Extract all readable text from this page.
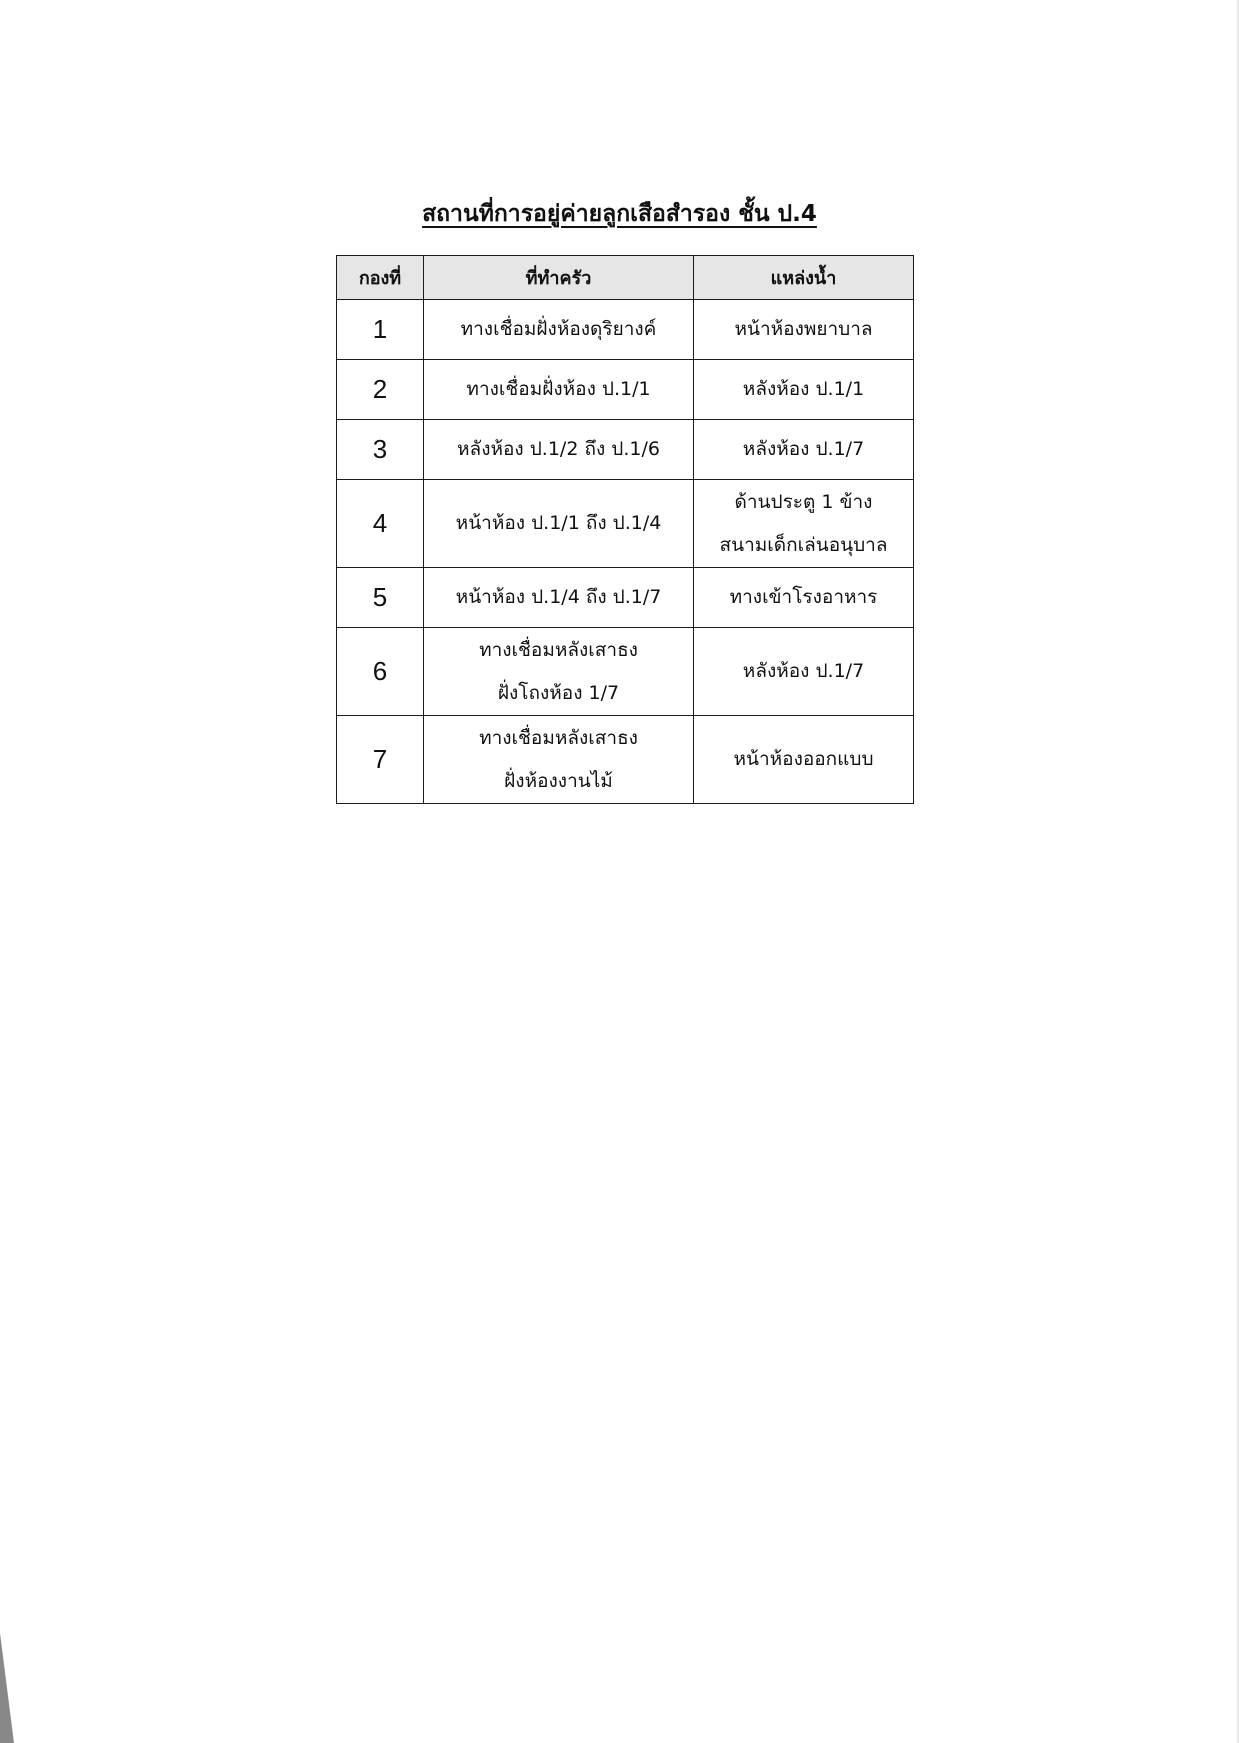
สถานที่การอยู่ค่ายลูกเสือสำรอง ชั้น ป.4
กองที่	ที่ทำครัว	แหล่งน้ำ
1	ทางเชื่อมฝั่งห้องดุริยางค์	หน้าห้องพยาบาล

2	ทางเชื่อมฝั่งห้อง ป.1/1	หลังห้อง ป.1/1

3	หลังห้อง ป.1/2 ถึง ป.1/6	หลังห้อง ป.1/7

4	หน้าห้อง ป.1/1 ถึง ป.1/4	ด้านประตู 1 ข้าง
สนามเด็กเล่นอนุบาล

5	หน้าห้อง ป.1/4 ถึง ป.1/7	ทางเข้าโรงอาหาร

6	ทางเชื่อมหลังเสาธง
ฝั่งโถงห้อง 1/7	หลังห้อง ป.1/7

7	ทางเชื่อมหลังเสาธง
ฝั่งห้องงานไม้	หน้าห้องออกแบบ
